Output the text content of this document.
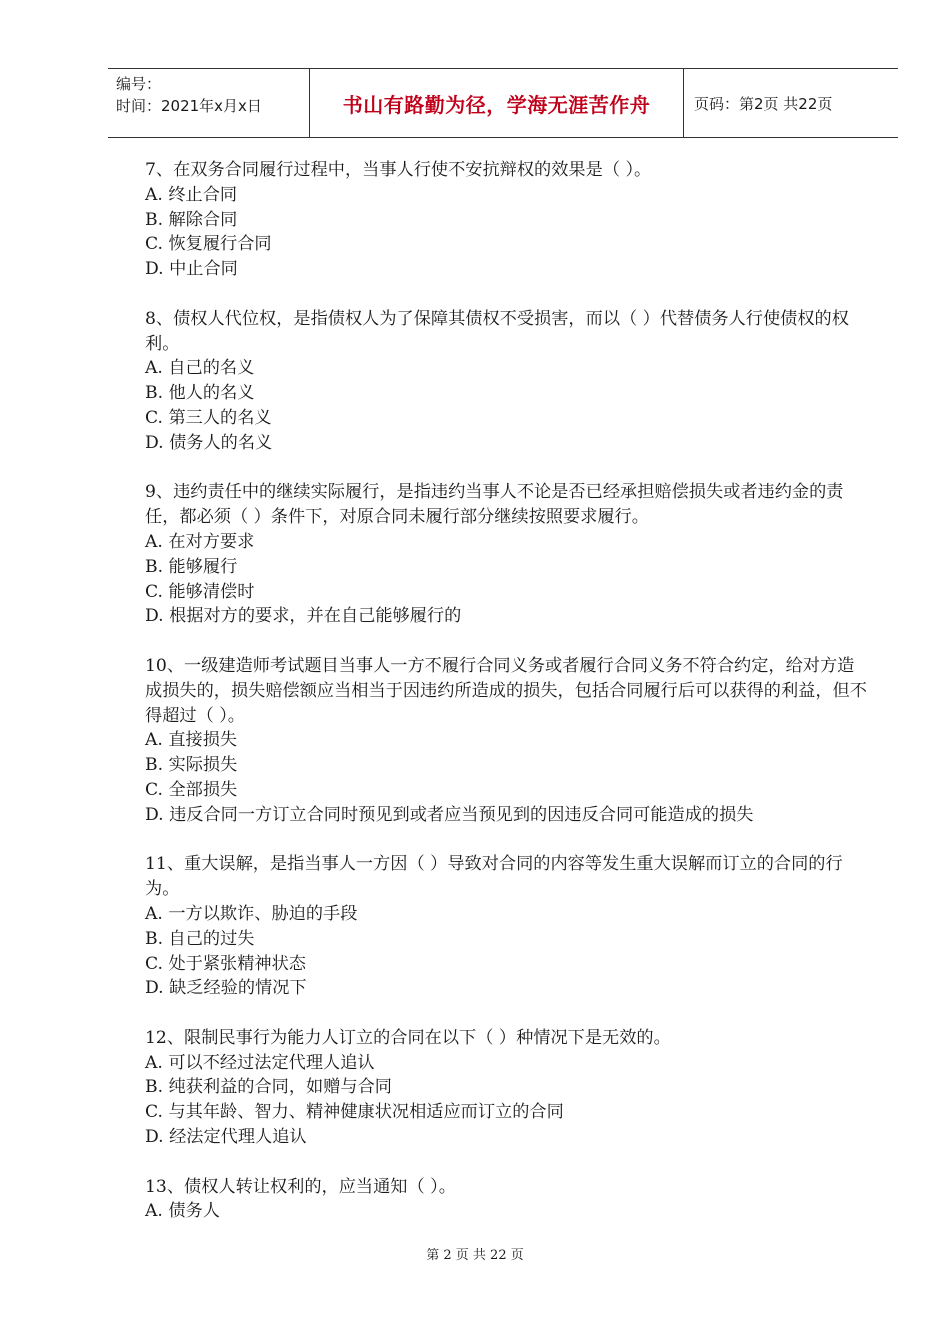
编号：
时间：2021年x月x日	书山有路勤为径，学海无涯苦作舟	页码：第2页 共22页
7、在双务合同履行过程中，当事人行使不安抗辩权的效果是（ ）。
A. 终止合同
B. 解除合同
C. 恢复履行合同
D. 中止合同
8、债权人代位权，是指债权人为了保障其债权不受损害，而以（ ）代替债务人行使债权的权利。
A. 自己的名义
B. 他人的名义
C. 第三人的名义
D. 债务人的名义
9、违约责任中的继续实际履行，是指违约当事人不论是否已经承担赔偿损失或者违约金的责任，都必须（ ）条件下，对原合同未履行部分继续按照要求履行。
A. 在对方要求
B. 能够履行
C. 能够清偿时
D. 根据对方的要求，并在自己能够履行的
10、一级建造师考试题目当事人一方不履行合同义务或者履行合同义务不符合约定，给对方造成损失的，损失赔偿额应当相当于因违约所造成的损失，包括合同履行后可以获得的利益，但不得超过（ ）。
A. 直接损失
B. 实际损失
C. 全部损失
D. 违反合同一方订立合同时预见到或者应当预见到的因违反合同可能造成的损失
11、重大误解，是指当事人一方因（ ）导致对合同的内容等发生重大误解而订立的合同的行为。
A. 一方以欺诈、胁迫的手段
B. 自己的过失
C. 处于紧张精神状态
D. 缺乏经验的情况下
12、限制民事行为能力人订立的合同在以下（ ）种情况下是无效的。
A. 可以不经过法定代理人追认
B. 纯获利益的合同，如赠与合同
C. 与其年龄、智力、精神健康状况相适应而订立的合同
D. 经法定代理人追认
13、债权人转让权利的，应当通知（ ）。
A. 债务人
第 2 页 共 22 页
